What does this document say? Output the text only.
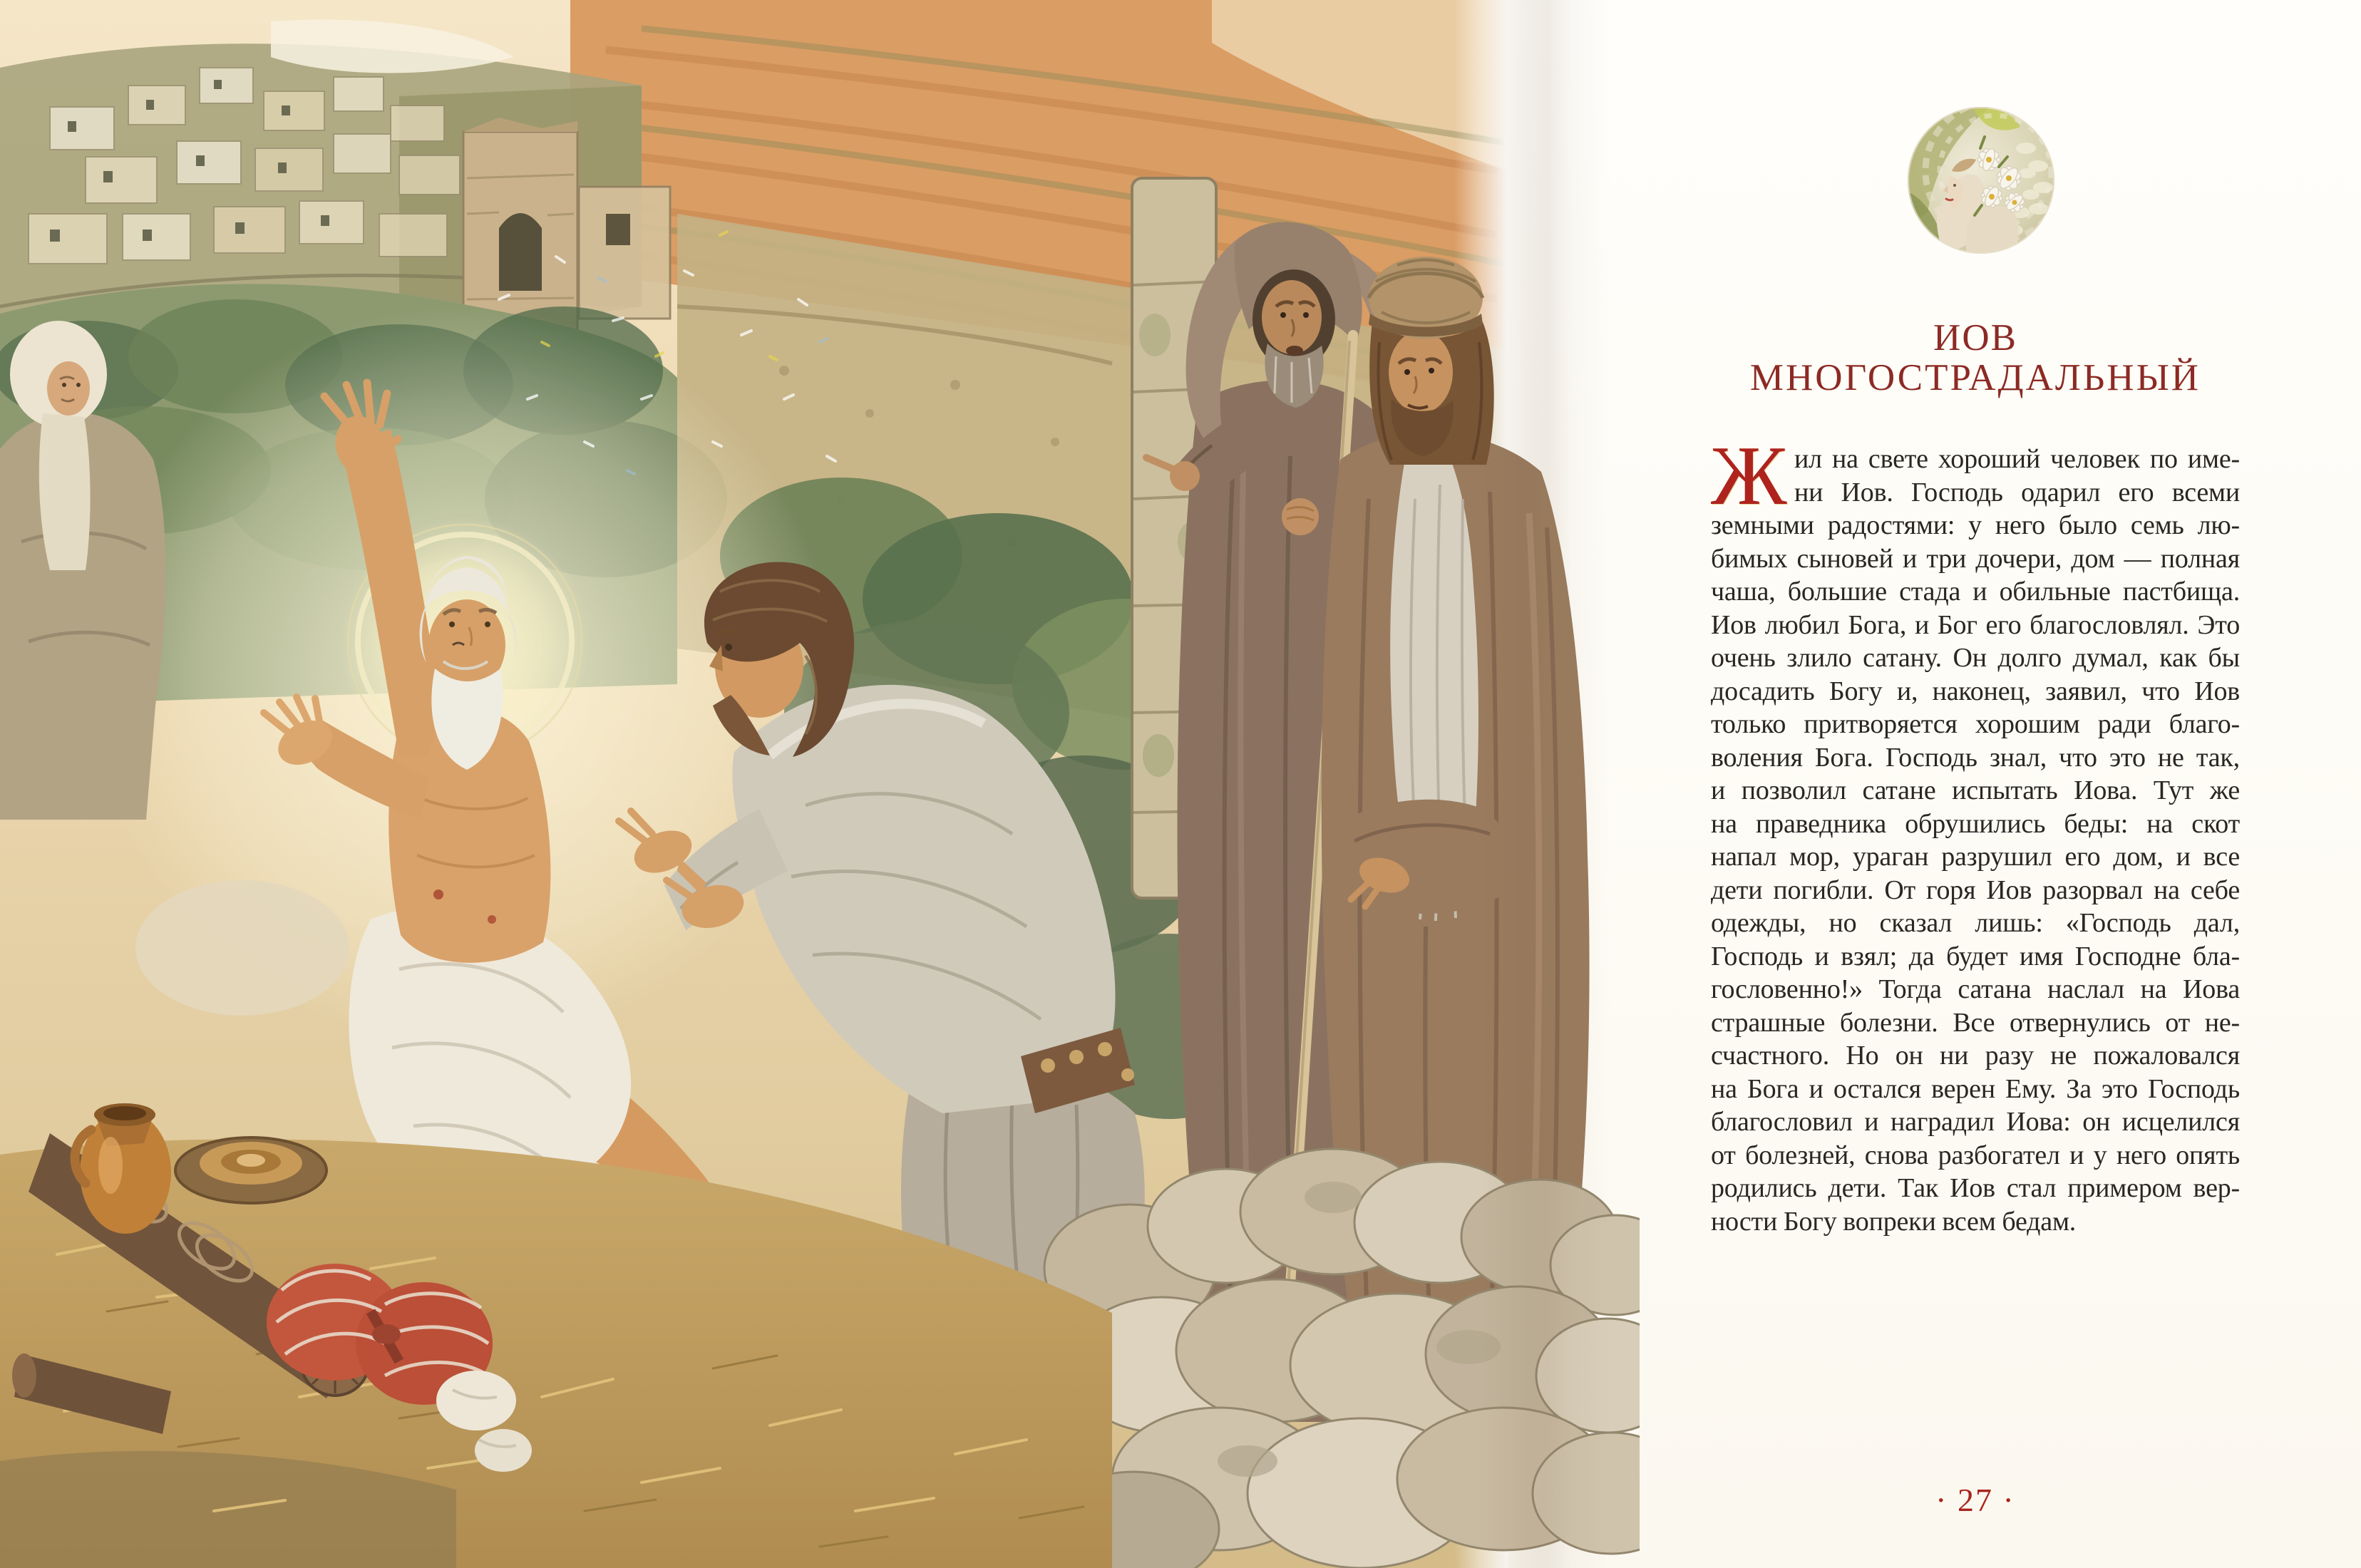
ИОВ
МНОГОСТРАДАЛЬНЫЙ
Ж ил на свете хороший человек по име-
ни Иов. Господь одарил его всеми
земными радостями: у него было семь лю-
бимых сыновей и три дочери, дом — полная
чаша, большие стада и обильные пастбища.
Иов любил Бога, и Бог его благословлял. Это
очень злило сатану. Он долго думал, как бы
досадить Богу и, наконец, заявил, что Иов
только притворяется хорошим ради благо-
воления Бога. Господь знал, что это не так,
и позволил сатане испытать Иова. Тут же
на праведника обрушились беды: на скот
напал мор, ураган разрушил его дом, и все
дети погибли. От горя Иов разорвал на себе
одежды, но сказал лишь: «Господь дал,
Господь и взял; да будет имя Господне бла-
гословенно!» Тогда сатана наслал на Иова
страшные болезни. Все отвернулись от не-
счастного. Но он ни разу не пожаловался
на Бога и остался верен Ему. За это Господь
благословил и наградил Иова: он исцелился
от болезней, снова разбогател и у него опять
родились дети. Так Иов стал примером вер-
ности Богу вопреки всем бедам.
· 27 ·
